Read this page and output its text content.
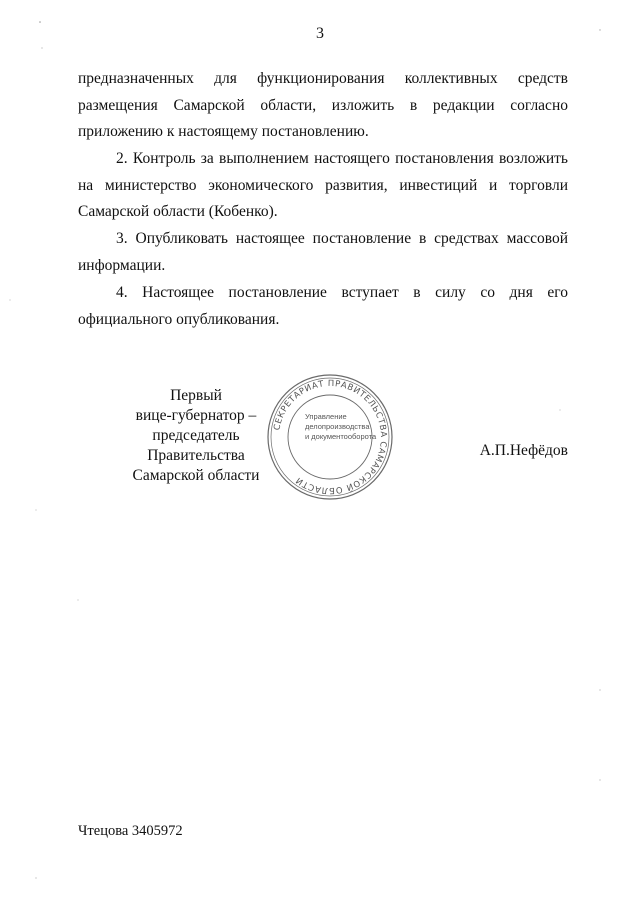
3
предназначенных для функционирования коллективных средств
размещения Самарской области, изложить в редакции согласно
приложению к настоящему постановлению.
2. Контроль за выполнением настоящего постановления возложить
на министерство экономического развития, инвестиций и торговли
Самарской области (Кобенко).
3. Опубликовать настоящее постановление в средствах массовой
информации.
4. Настоящее постановление вступает в силу со дня его
официального опубликования.
Первый
вице-губернатор –
председатель Правительства
Самарской области
СЕКРЕТАРИАТ ПРАВИТЕЛЬСТВА САМАРСКОЙ ОБЛАСТИ
Управление
делопроизводства
и документооборота
А.П.Нефёдов
Чтецова 3405972
